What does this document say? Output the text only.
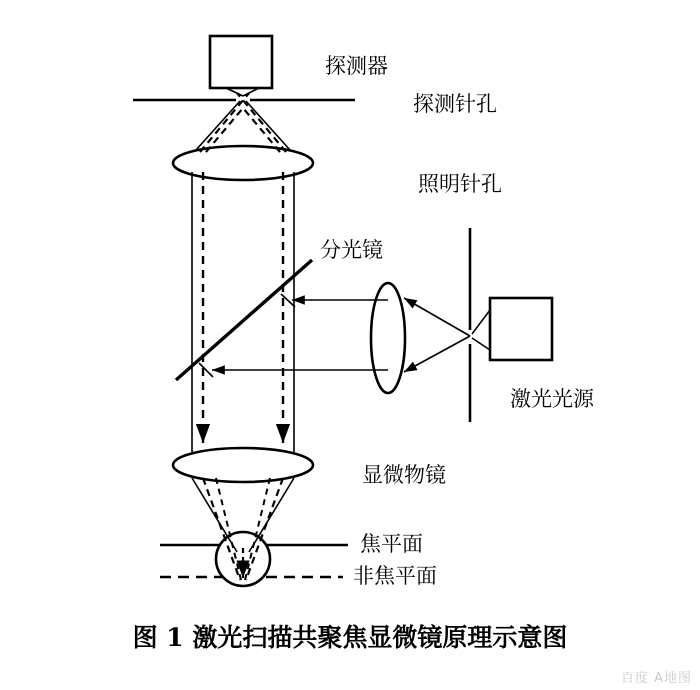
探测器
探测针孔
照明针孔
分光镜
激光光源
显微物镜
焦平面
非焦平面
图 1 激光扫描共聚焦显微镜原理示意图
百度 A地图
